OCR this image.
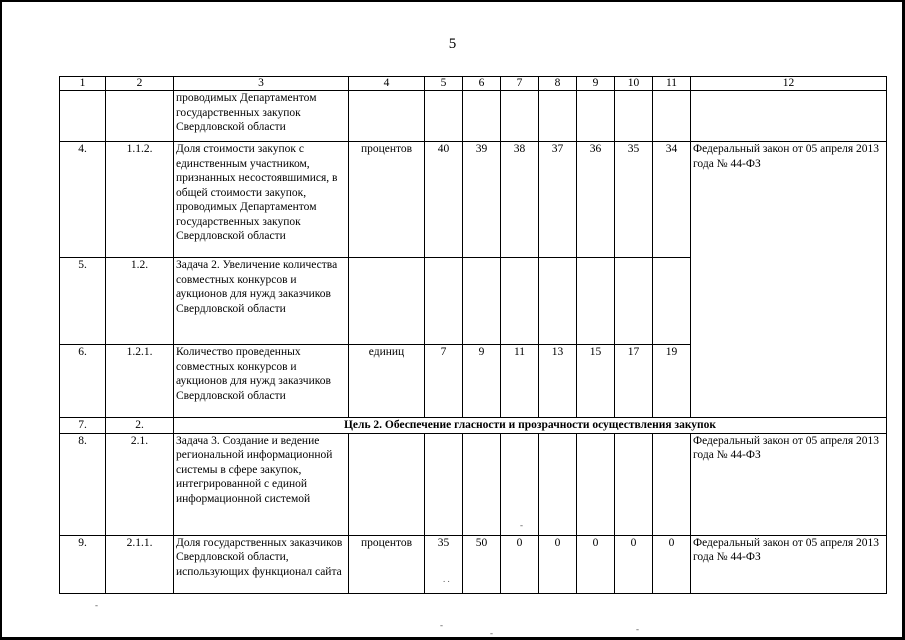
5
1	2	3	4	5	6	7	8	9	10	11	12
		проводимых Департаментом государственных закупок Свердловской области									
4.	1.1.2.	Доля стоимости закупок с единственным участником, признанных несостоявшимися, в общей стоимости закупок, проводимых Департаментом государственных закупок Свердловской области	процентов	40	39	38	37	36	35	34	Федеральный закон от 05 апреля 2013 года № 44-ФЗ
5.	1.2.	Задача 2. Увеличение количества совместных конкурсов и аукционов для нужд заказчиков Свердловской области									
6.	1.2.1.	Количество проведенных совместных конкурсов и аукционов для нужд заказчиков Свердловской области	единиц	7	9	11	13	15	17	19	
7.	2.	Цель 2. Обеспечение гласности и прозрачности осуществления закупок									
8.	2.1.	Задача 3. Создание и ведение региональной информационной системы в сфере закупок, интегрированной с единой информационной системой									Федеральный закон от 05 апреля 2013 года № 44-ФЗ
9.	2.1.1.	Доля государственных заказчиков Свердловской области, использующих функционал сайта	процентов	35	50	0	0	0	0	0	Федеральный закон от 05 апреля 2013 года № 44-ФЗ
-
. .
-
-
-	-
